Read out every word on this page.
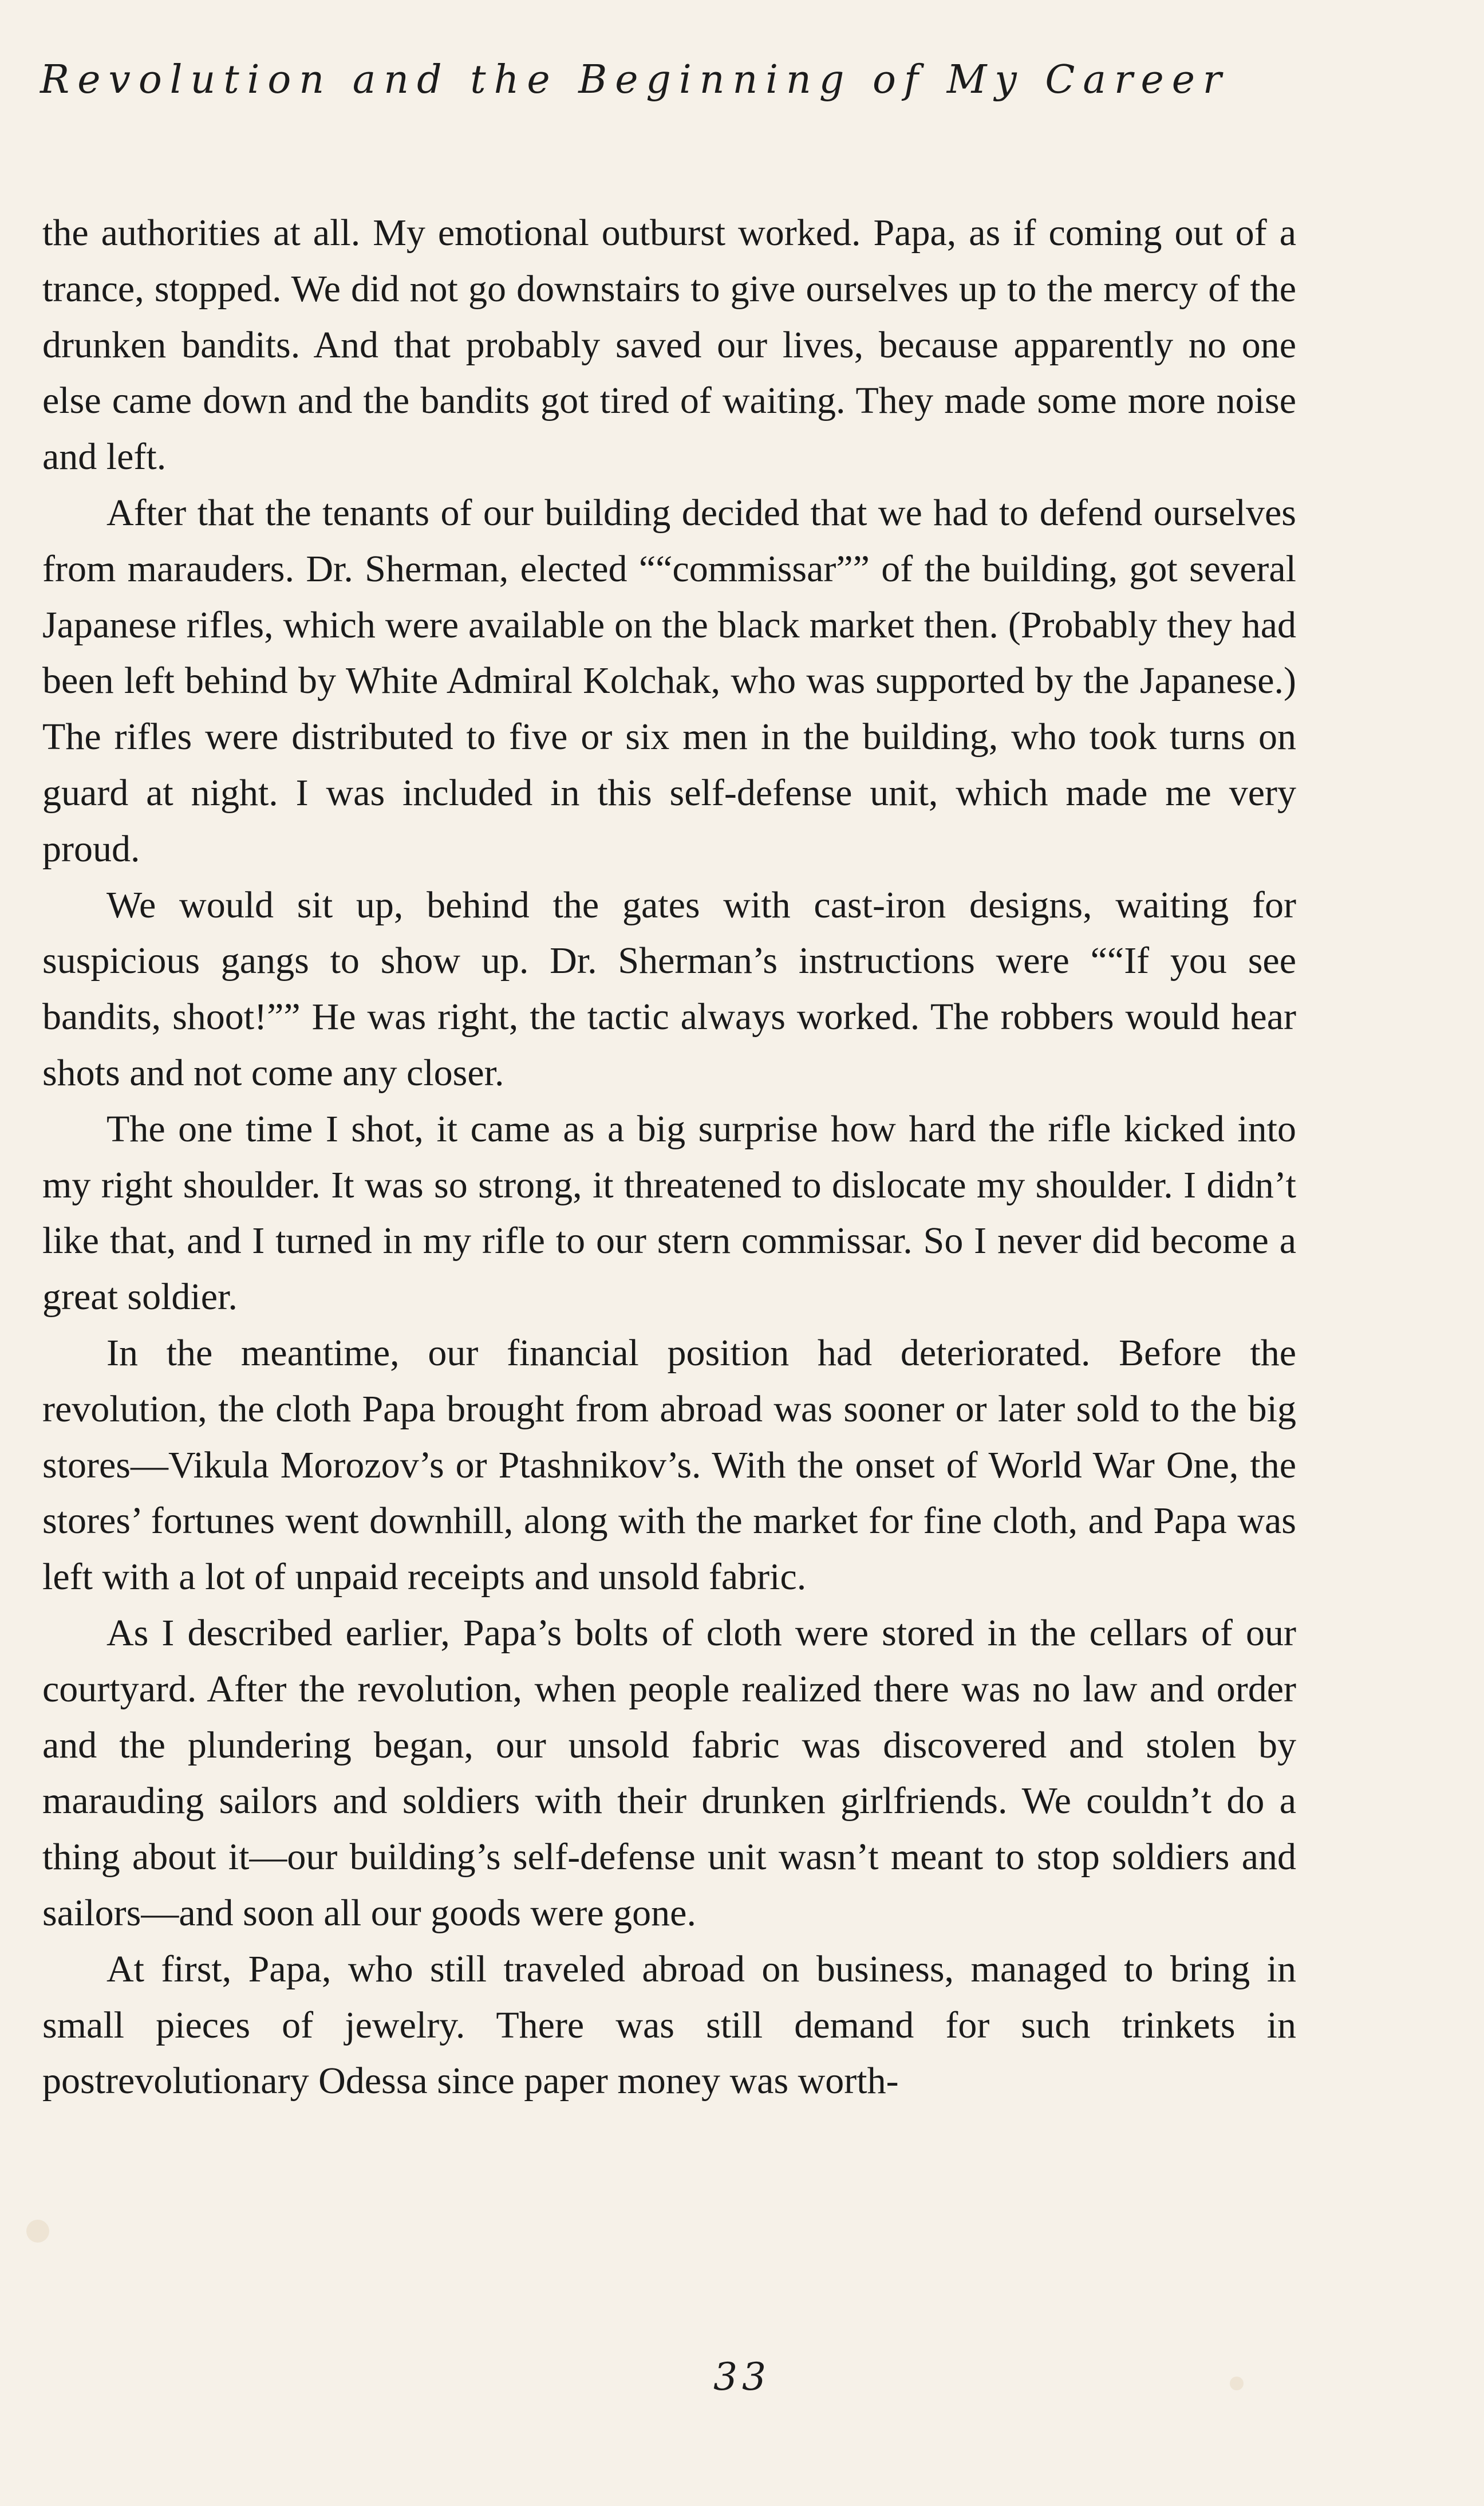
Revolution and the Beginning of My Career

the authorities at all. My emotional outburst worked. Papa, as if coming out of a trance, stopped. We did not go downstairs to give ourselves up to the mercy of the drunken bandits. And that probably saved our lives, because apparently no one else came down and the bandits got tired of waiting. They made some more noise and left.

After that the tenants of our building decided that we had to defend ourselves from marauders. Dr. Sherman, elected ““commissar”” of the building, got several Japanese rifles, which were available on the black market then. (Probably they had been left behind by White Admiral Kolchak, who was supported by the Japanese.) The rifles were distributed to five or six men in the building, who took turns on guard at night. I was included in this self-defense unit, which made me very proud.

We would sit up, behind the gates with cast-iron designs, waiting for suspicious gangs to show up. Dr. Sherman’s instructions were ““If you see bandits, shoot!”” He was right, the tactic always worked. The robbers would hear shots and not come any closer.

The one time I shot, it came as a big surprise how hard the rifle kicked into my right shoulder. It was so strong, it threatened to dislocate my shoulder. I didn’t like that, and I turned in my rifle to our stern commissar. So I never did become a great soldier.

In the meantime, our financial position had deteriorated. Before the revolution, the cloth Papa brought from abroad was sooner or later sold to the big stores—Vikula Morozov’s or Ptashnikov’s. With the onset of World War One, the stores’ fortunes went downhill, along with the market for fine cloth, and Papa was left with a lot of unpaid receipts and unsold fabric.

As I described earlier, Papa’s bolts of cloth were stored in the cellars of our courtyard. After the revolution, when people realized there was no law and order and the plundering began, our unsold fabric was discovered and stolen by marauding sailors and soldiers with their drunken girlfriends. We couldn’t do a thing about it—our building’s self-defense unit wasn’t meant to stop soldiers and sailors—and soon all our goods were gone.

At first, Papa, who still traveled abroad on business, managed to bring in small pieces of jewelry. There was still demand for such trinkets in postrevolutionary Odessa since paper money was worth-

33
